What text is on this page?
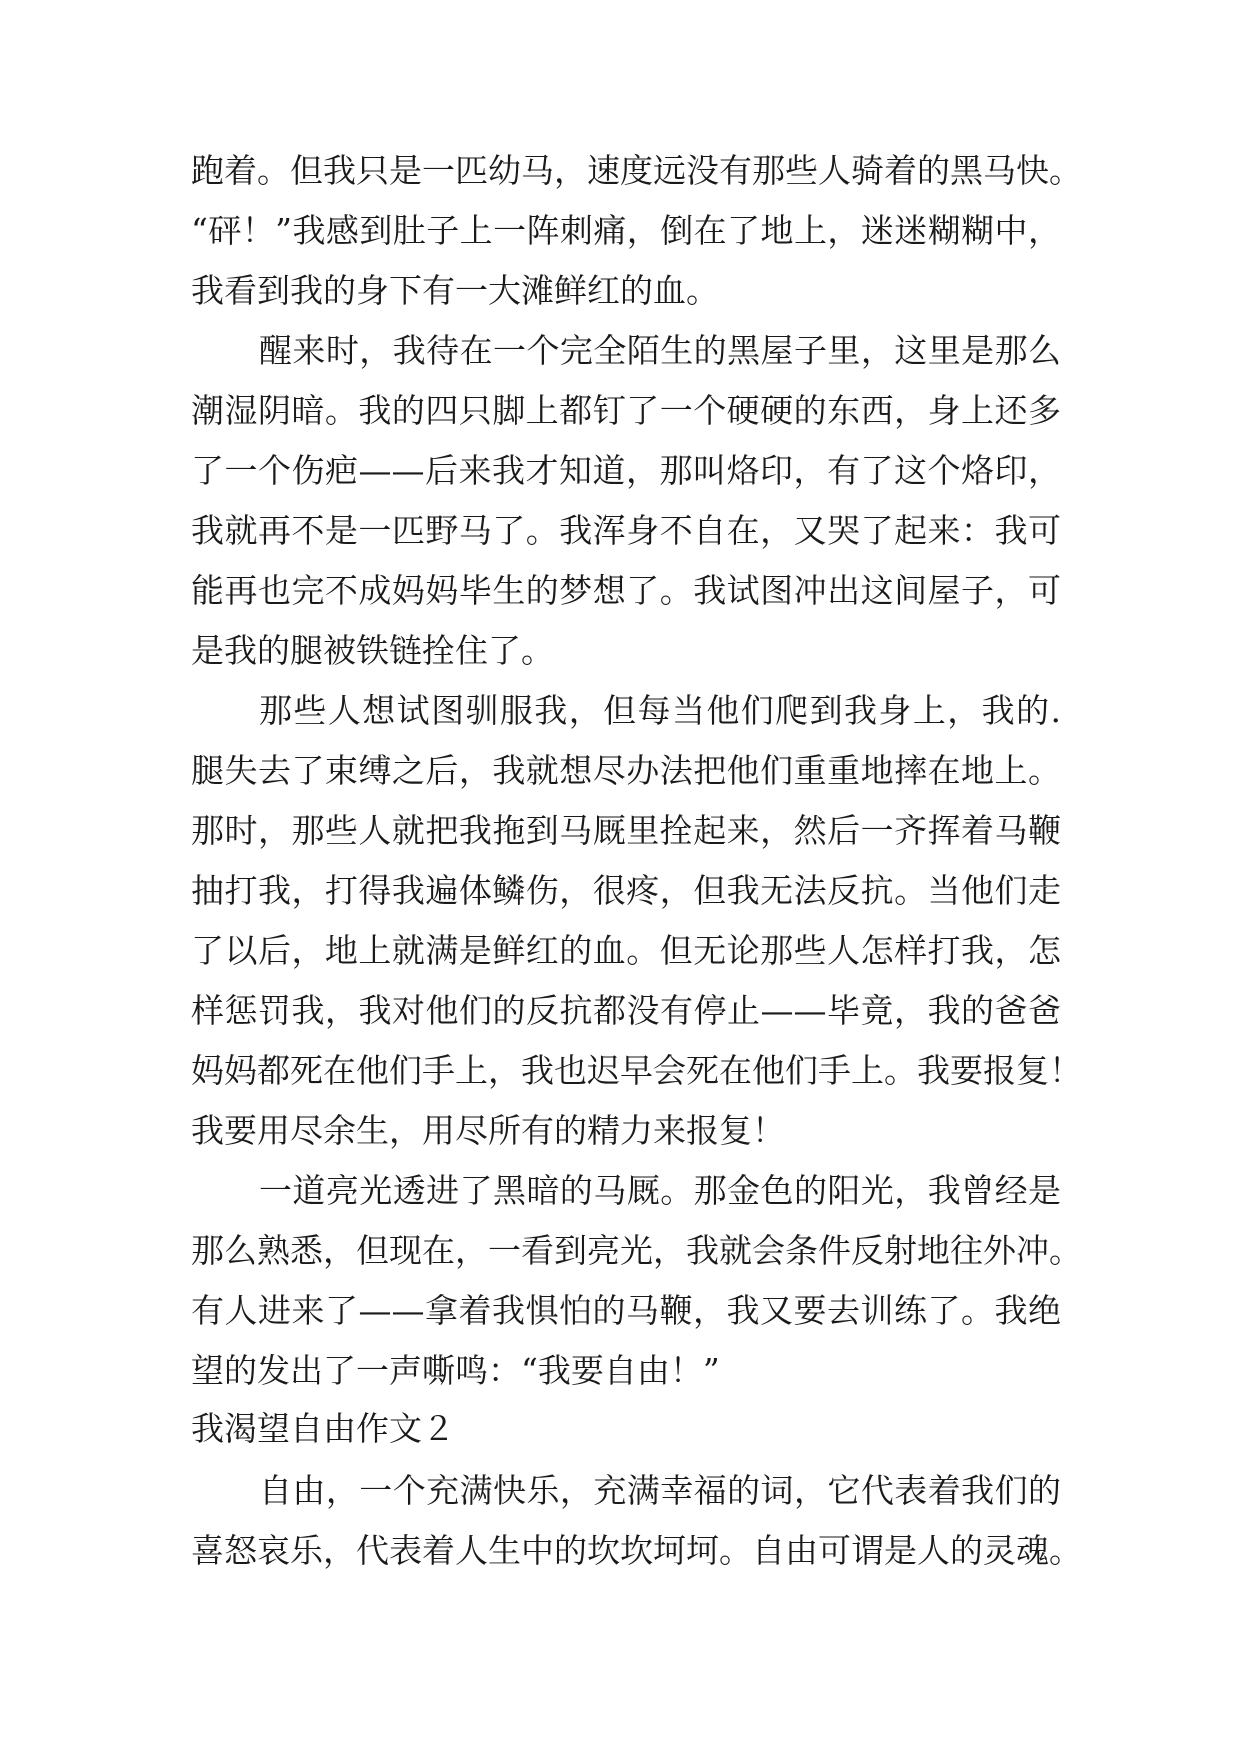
跑着。但我只是一匹幼马，速度远没有那些人骑着的黑马快。
“砰！”我感到肚子上一阵刺痛，倒在了地上，迷迷糊糊中，
我看到我的身下有一大滩鲜红的血。
醒来时，我待在一个完全陌生的黑屋子里，这里是那么
潮湿阴暗。我的四只脚上都钉了一个硬硬的东西，身上还多
了一个伤疤——后来我才知道，那叫烙印，有了这个烙印，
我就再不是一匹野马了。我浑身不自在，又哭了起来：我可
能再也完不成妈妈毕生的梦想了。我试图冲出这间屋子，可
是我的腿被铁链拴住了。
那些人想试图驯服我，但每当他们爬到我身上，我的.
腿失去了束缚之后，我就想尽办法把他们重重地摔在地上。
那时，那些人就把我拖到马厩里拴起来，然后一齐挥着马鞭
抽打我，打得我遍体鳞伤，很疼，但我无法反抗。当他们走
了以后，地上就满是鲜红的血。但无论那些人怎样打我，怎
样惩罚我，我对他们的反抗都没有停止——毕竟，我的爸爸
妈妈都死在他们手上，我也迟早会死在他们手上。我要报复！
我要用尽余生，用尽所有的精力来报复！
一道亮光透进了黑暗的马厩。那金色的阳光，我曾经是
那么熟悉，但现在，一看到亮光，我就会条件反射地往外冲。
有人进来了——拿着我惧怕的马鞭，我又要去训练了。我绝
望的发出了一声嘶鸣：“我要自由！”
我渴望自由作文２
自由，一个充满快乐，充满幸福的词，它代表着我们的
喜怒哀乐，代表着人生中的坎坎坷坷。自由可谓是人的灵魂。
